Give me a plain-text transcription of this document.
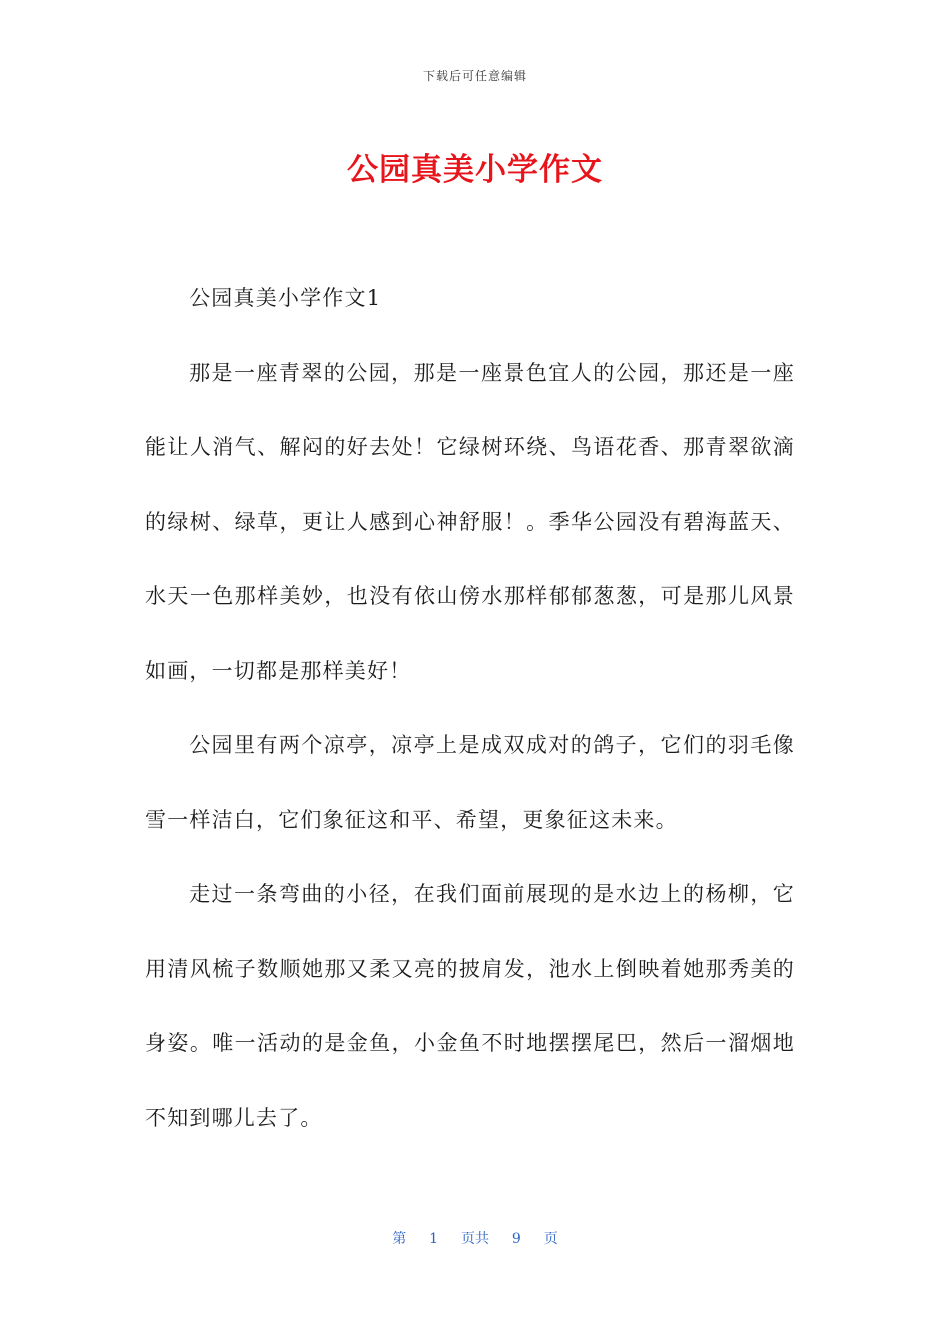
下载后可任意编辑
公园真美小学作文

公园真美小学作文1

那是一座青翠的公园，那是一座景色宜人的公园，那还是一座能让人消气、解闷的好去处！它绿树环绕、鸟语花香、那青翠欲滴的绿树、绿草，更让人感到心神舒服！。季华公园没有碧海蓝天、水天一色那样美妙，也没有依山傍水那样郁郁葱葱，可是那儿风景如画，一切都是那样美好！

公园里有两个凉亭，凉亭上是成双成对的鸽子，它们的羽毛像雪一样洁白，它们象征这和平、希望，更象征这未来。

走过一条弯曲的小径，在我们面前展现的是水边上的杨柳，它用清风梳子数顺她那又柔又亮的披肩发，池水上倒映着她那秀美的身姿。唯一活动的是金鱼，小金鱼不时地摆摆尾巴，然后一溜烟地不知到哪儿去了。

第 1 页共 9 页
